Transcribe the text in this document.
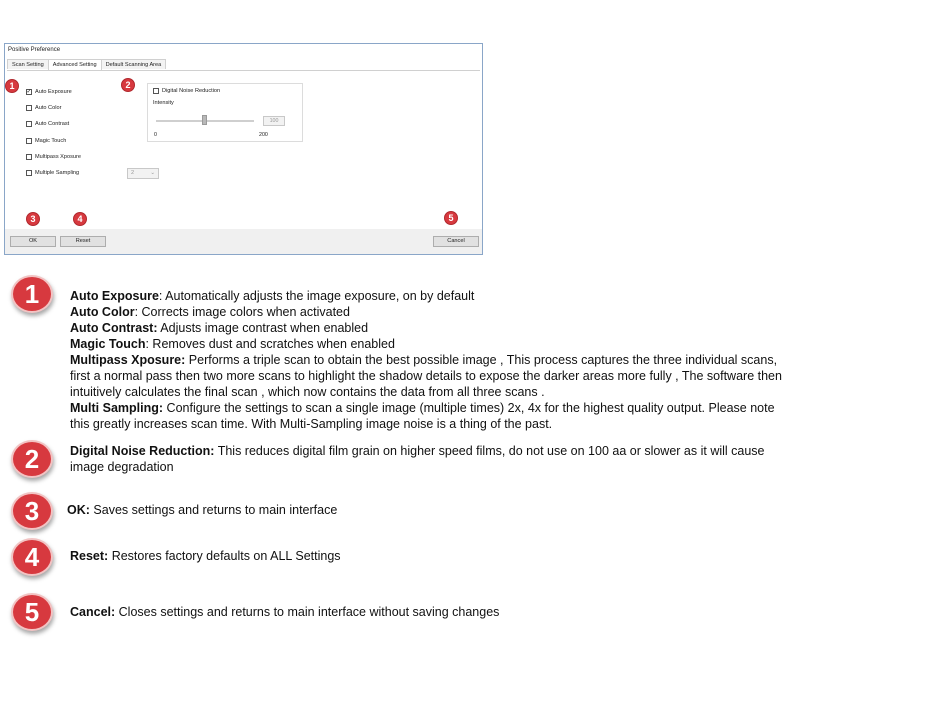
Positive Preference
Scan Setting	Advanced Setting	Default Scanning Area
✓ Auto Exposure
Auto Color
Auto Contrast
Magic Touch
Multipass Xposure
Multiple Sampling	2	⌄
Digital Noise Reduction
Intensity
100
0	200
OK	Reset	Cancel
1	2
3	4	5
1	Auto Exposure: Automatically adjusts the image exposure, on by default

Auto Color: Corrects image colors when activated

Auto Contrast: Adjusts image contrast when enabled

Magic Touch: Removes dust and scratches when enabled

Multipass Xposure: Performs a triple scan to obtain the best possible image , This process captures the three individual scans, first a normal pass then two more scans to highlight the shadow details to expose the darker areas more fully , The software then intuitively calculates the final scan , which now contains the data from all three scans .

Multi Sampling: Configure the settings to scan a single image (multiple times) 2x, 4x for the highest quality output. Please note this greatly increases scan time. With Multi-Sampling image noise is a thing of the past.

2	Digital Noise Reduction: This reduces digital film grain on higher speed films, do not use on 100 aa or slower as it will cause image degradation

3	OK: Saves settings and returns to main interface

4	Reset: Restores factory defaults on ALL Settings

5	Cancel: Closes settings and returns to main interface without saving changes
